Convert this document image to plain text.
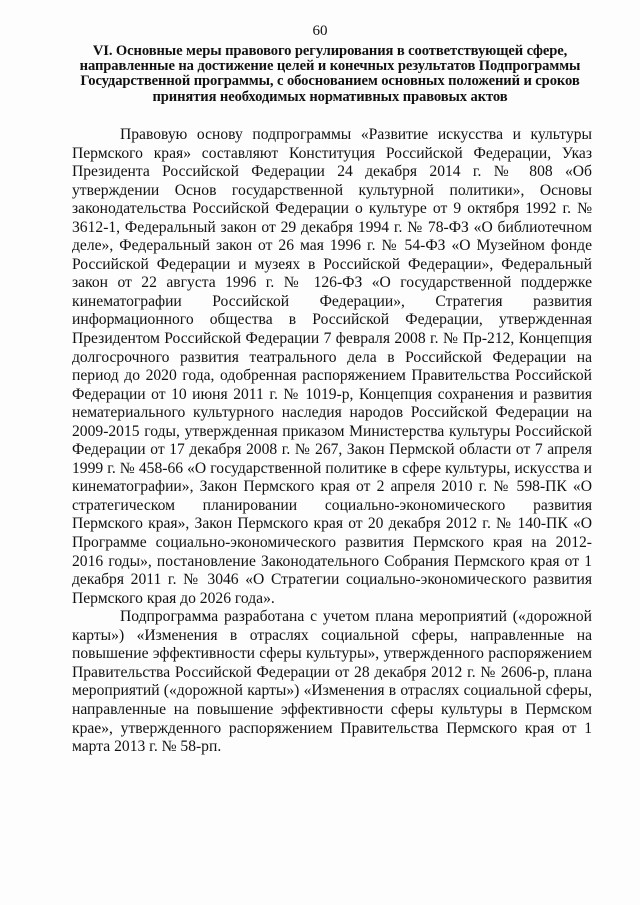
60
VI. Основные меры правового регулирования в соответствующей сфере, направленные на достижение целей и конечных результатов Подпрограммы Государственной программы, с обоснованием основных положений и сроков принятия необходимых нормативных правовых актов

Правовую основу подпрограммы «Развитие искусства и культуры Пермского края» составляют Конституция Российской Федерации, Указ Президента Российской Федерации 24 декабря 2014 г. № 808 «Об утверждении Основ государственной культурной политики», Основы законодательства Российской Федерации о культуре от 9 октября 1992 г. № 3612-1, Федеральный закон от 29 декабря 1994 г. № 78-ФЗ «О библиотечном деле», Федеральный закон от 26 мая 1996 г. № 54-ФЗ «О Музейном фонде Российской Федерации и музеях в Российской Федерации», Федеральный закон от 22 августа 1996 г. № 126-ФЗ «О государственной поддержке кинематографии Российской Федерации», Стратегия развития информационного общества в Российской Федерации, утвержденная Президентом Российской Федерации 7 февраля 2008 г. № Пр-212, Концепция долгосрочного развития театрального дела в Российской Федерации на период до 2020 года, одобренная распоряжением Правительства Российской Федерации от 10 июня 2011 г. № 1019-р, Концепция сохранения и развития нематериального культурного наследия народов Российской Федерации на 2009-2015 годы, утвержденная приказом Министерства культуры Российской Федерации от 17 декабря 2008 г. № 267, Закон Пермской области от 7 апреля 1999 г. № 458-66 «О государственной политике в сфере культуры, искусства и кинематографии», Закон Пермского края от 2 апреля 2010 г. № 598-ПК «О стратегическом планировании социально-экономического развития Пермского края», Закон Пермского края от 20 декабря 2012 г. № 140-ПК «О Программе социально-экономического развития Пермского края на 2012-2016 годы», постановление Законодательного Собрания Пермского края от 1 декабря 2011 г. № 3046 «О Стратегии социально-экономического развития Пермского края до 2026 года».

Подпрограмма разработана с учетом плана мероприятий («дорожной карты») «Изменения в отраслях социальной сферы, направленные на повышение эффективности сферы культуры», утвержденного распоряжением Правительства Российской Федерации от 28 декабря 2012 г. № 2606-р, плана мероприятий («дорожной карты») «Изменения в отраслях социальной сферы, направленные на повышение эффективности сферы культуры в Пермском крае», утвержденного распоряжением Правительства Пермского края от 1 марта 2013 г. № 58-рп.
